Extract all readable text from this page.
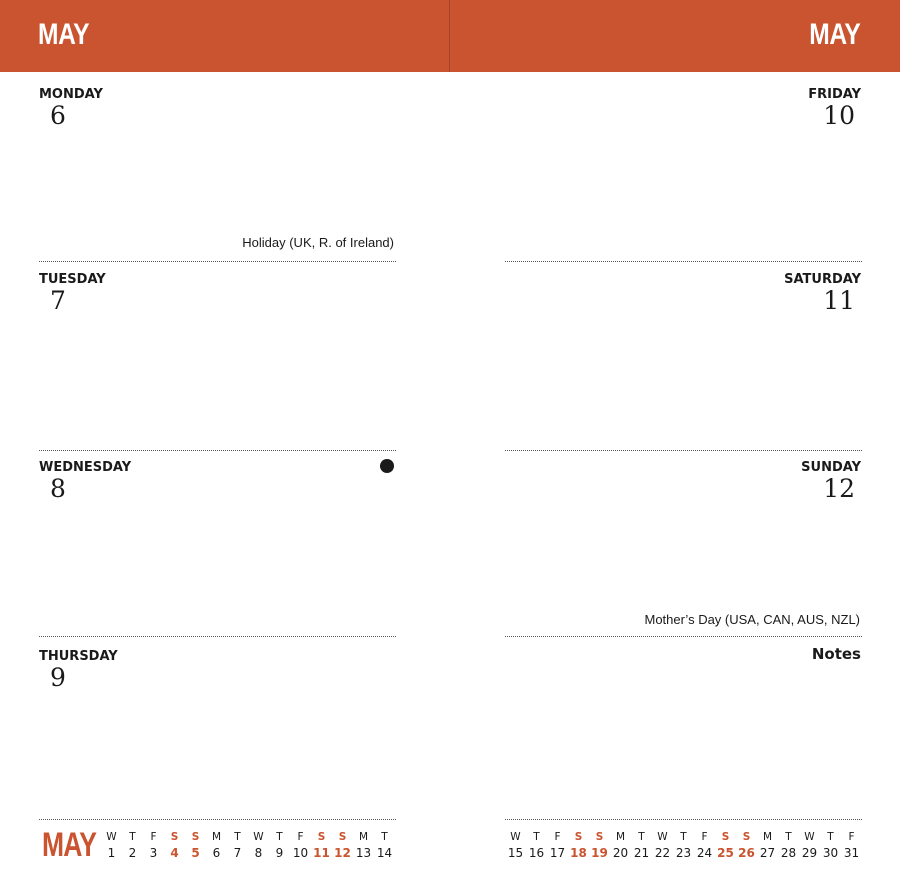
MAY	MAY
MONDAY
6
Holiday (UK, R. of Ireland)
TUESDAY
7
WEDNESDAY
8
THURSDAY
9
MAY W
1
T
2
F
3
S
4
S
5
M
6
T
7
W
8
T
9
F
10
S
11
S
12
M
13
T
14
FRIDAY
10
SATURDAY
11
SUNDAY
12
Mother’s Day (USA, CAN, AUS, NZL)
Notes
W
15
T
16
F
17
S
18
S
19
M
20
T
21
W
22
T
23
F
24
S
25
S
26
M
27
T
28
W
29
T
30
F
31
